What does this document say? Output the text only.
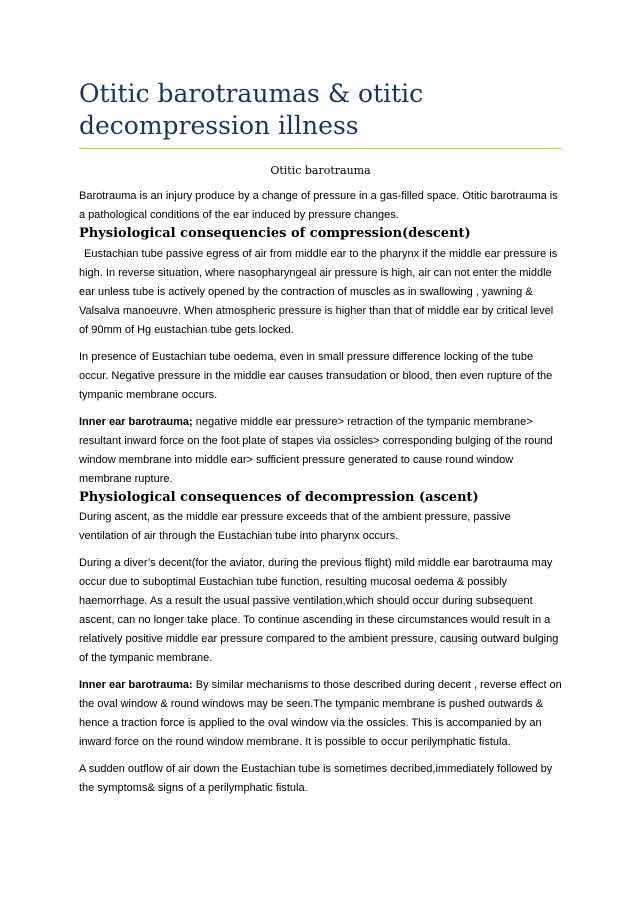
Otitic barotraumas & otitic
decompression illness
Otitic barotrauma

Barotrauma is an injury produce by a change of pressure in a gas-filled space. Otitic barotrauma is a pathological conditions of the ear induced by pressure changes.

Physiological consequencies of compression(descent)

Eustachian tube passive egress of air from middle ear to the pharynx if the middle ear pressure is high. In reverse situation, where nasopharyngeal air pressure is high, air can not enter the middle ear unless tube is actively opened by the contraction of muscles as in swallowing , yawning & Valsalva manoeuvre. When atmospheric pressure is higher than that of middle ear by critical level of 90mm of Hg eustachian tube gets locked.

In presence of Eustachian tube oedema, even in small pressure difference locking of the tube occur. Negative pressure in the middle ear causes transudation or blood, then even rupture of the tympanic membrane occurs.

Inner ear barotrauma; negative middle ear pressure> retraction of the tympanic membrane> resultant inward force on the foot plate of stapes via ossicles> corresponding bulging of the round window membrane into middle ear> sufficient pressure generated to cause round window membrane rupture.

Physiological consequences of decompression (ascent)

During ascent, as the middle ear pressure exceeds that of the ambient pressure, passive ventilation of air through the Eustachian tube into pharynx occurs.

During a diver’s decent(for the aviator, during the previous flight) mild middle ear barotrauma may occur due to suboptimal Eustachian tube function, resulting mucosal oedema & possibly haemorrhage. As a result the usual passive ventilation,which should occur during subsequent ascent, can no longer take place. To continue ascending in these circumstances would result in a relatively positive middle ear pressure compared to the ambient pressure, causing outward bulging of the tympanic membrane.

Inner ear barotrauma: By similar mechanisms to those described during decent , reverse effect on the oval window & round windows may be seen.The tympanic membrane is pushed outwards & hence a traction force is applied to the oval window via the ossicles. This is accompanied by an inward force on the round window membrane. It is possible to occur perilymphatic fistula.

A sudden outflow of air down the Eustachian tube is sometimes decribed,immediately followed by the symptoms& signs of a perilymphatic fistula.
